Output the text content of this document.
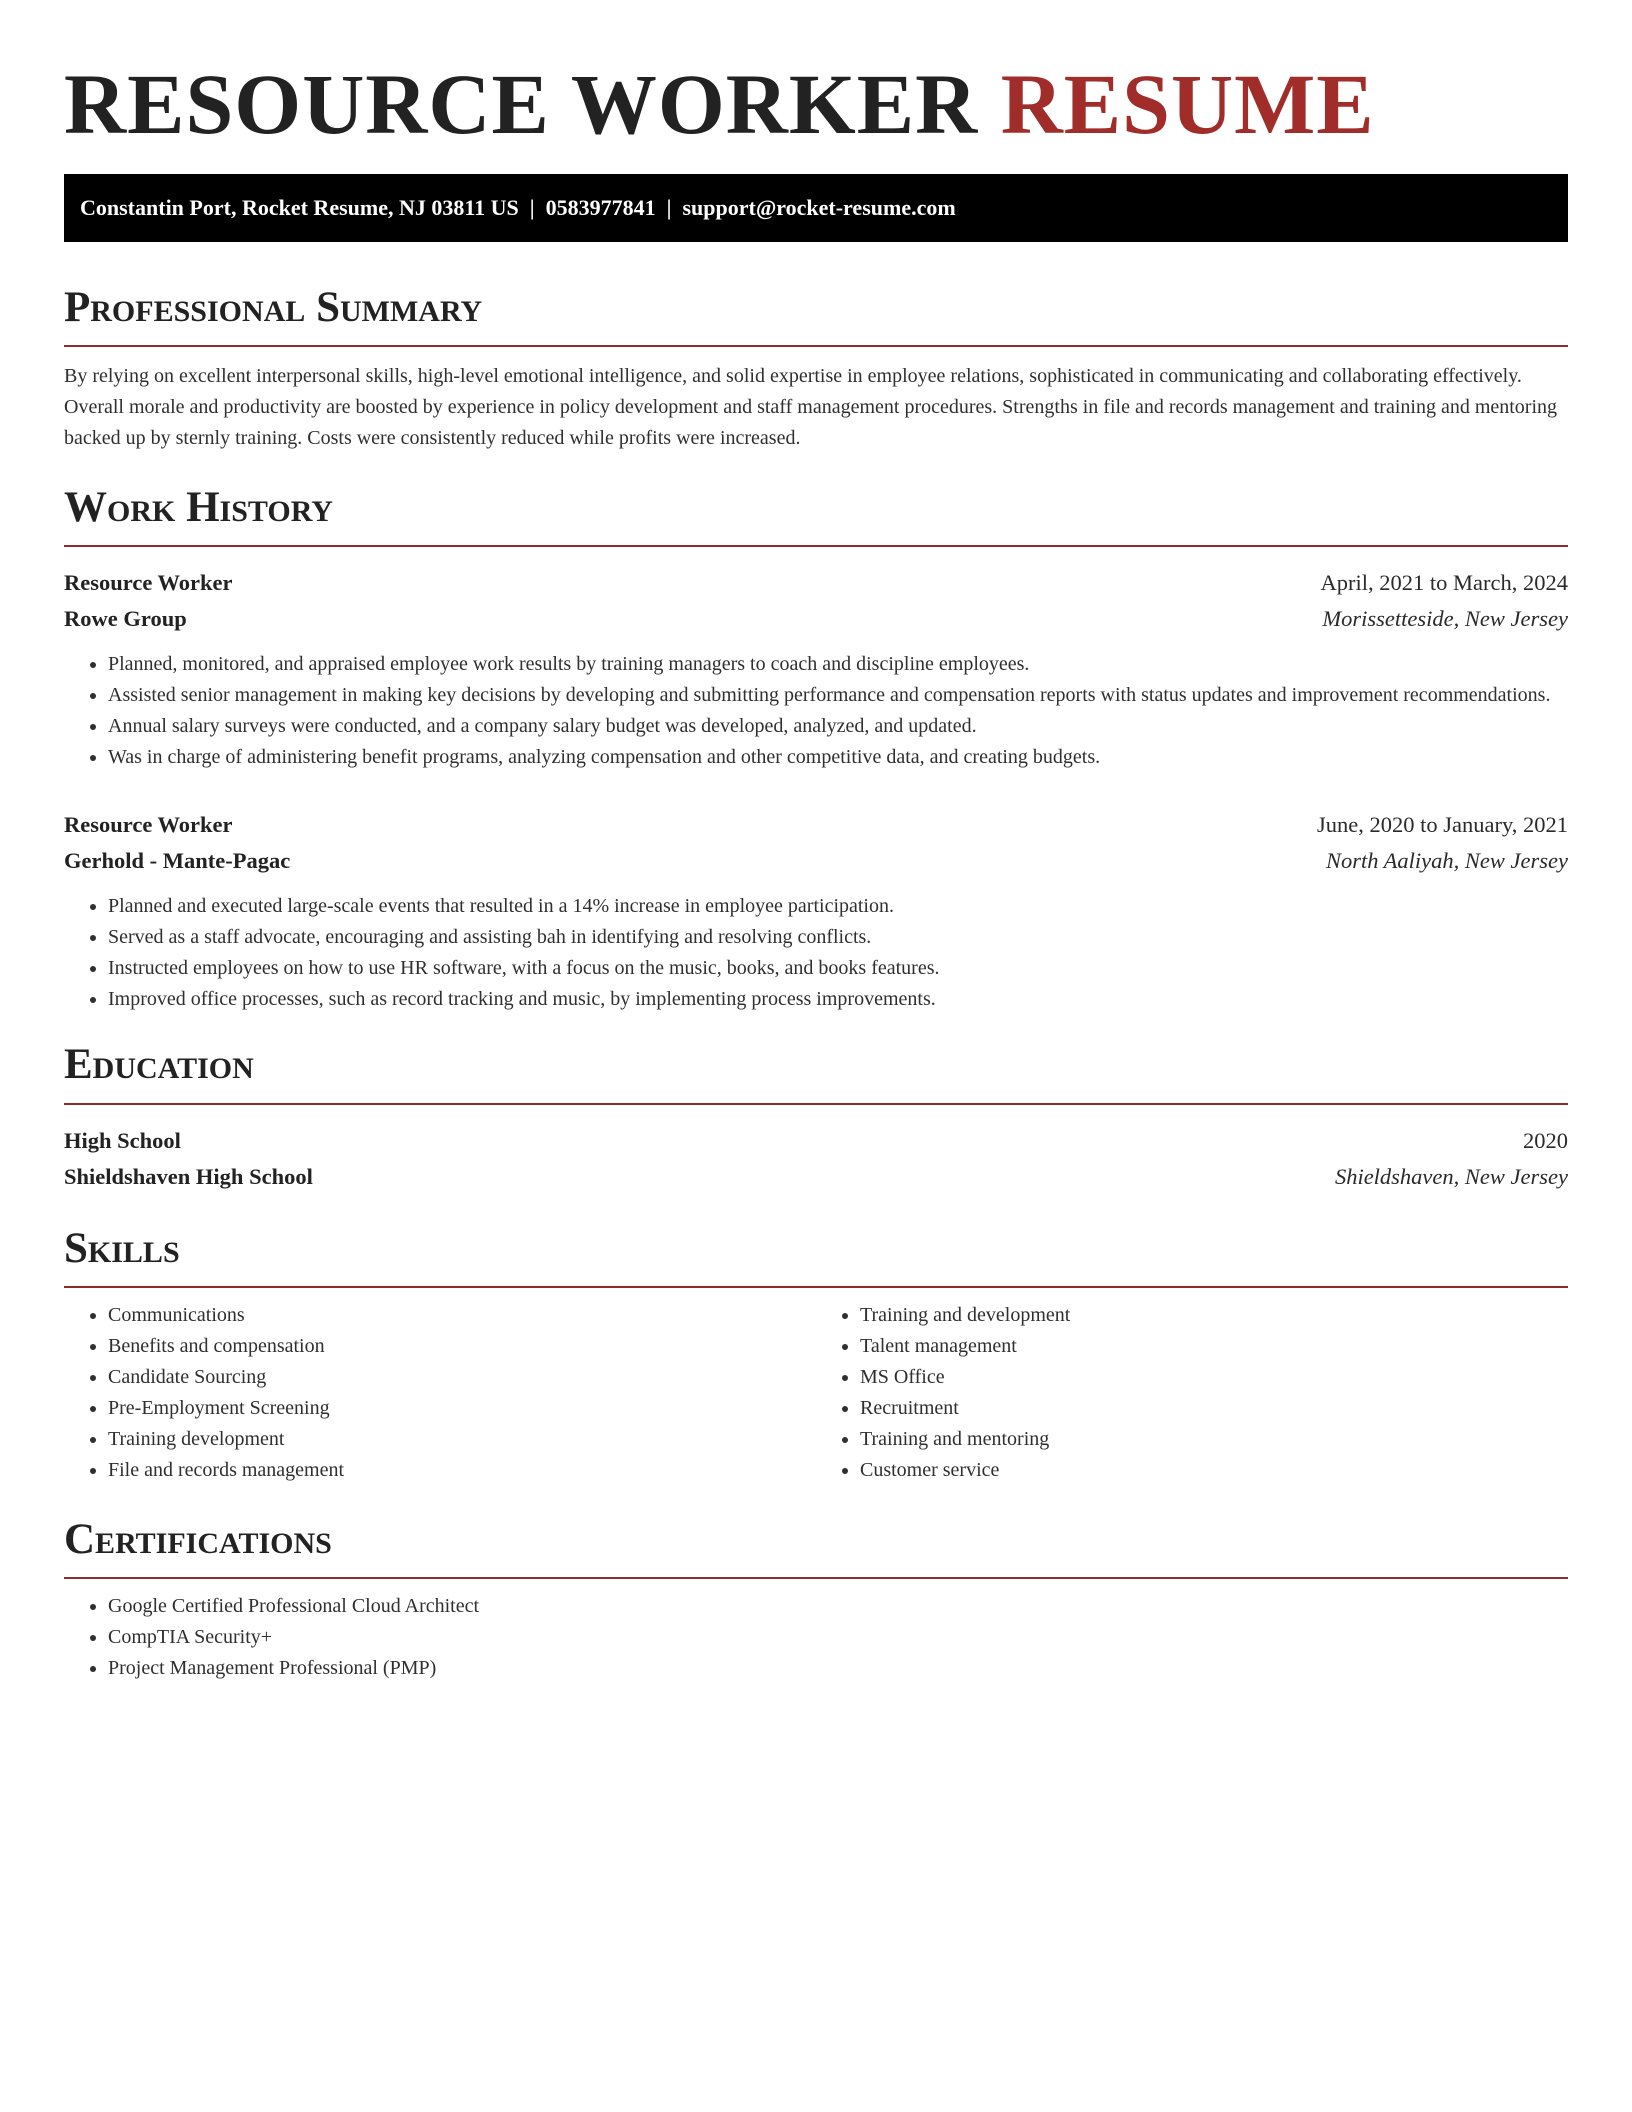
RESOURCE WORKER RESUME
Constantin Port, Rocket Resume, NJ 03811 US  |  0583977841  |  support@rocket-resume.com
Professional Summary
By relying on excellent interpersonal skills, high-level emotional intelligence, and solid expertise in employee relations, sophisticated in communicating and collaborating effectively. Overall morale and productivity are boosted by experience in policy development and staff management procedures. Strengths in file and records management and training and mentoring backed up by sternly training. Costs were consistently reduced while profits were increased.
Work History
Resource Worker	April, 2021 to March, 2024
Rowe Group	Morissetteside, New Jersey
• Planned, monitored, and appraised employee work results by training managers to coach and discipline employees.
• Assisted senior management in making key decisions by developing and submitting performance and compensation reports with status updates and improvement recommendations.
• Annual salary surveys were conducted, and a company salary budget was developed, analyzed, and updated.
• Was in charge of administering benefit programs, analyzing compensation and other competitive data, and creating budgets.
Resource Worker	June, 2020 to January, 2021
Gerhold - Mante-Pagac	North Aaliyah, New Jersey
• Planned and executed large-scale events that resulted in a 14% increase in employee participation.
• Served as a staff advocate, encouraging and assisting bah in identifying and resolving conflicts.
• Instructed employees on how to use HR software, with a focus on the music, books, and books features.
• Improved office processes, such as record tracking and music, by implementing process improvements.
Education
High School	2020
Shieldshaven High School	Shieldshaven, New Jersey
Skills
• Communications
• Benefits and compensation
• Candidate Sourcing
• Pre-Employment Screening
• Training development
• File and records management
• Training and development
• Talent management
• MS Office
• Recruitment
• Training and mentoring
• Customer service
Certifications
• Google Certified Professional Cloud Architect
• CompTIA Security+
• Project Management Professional (PMP)
